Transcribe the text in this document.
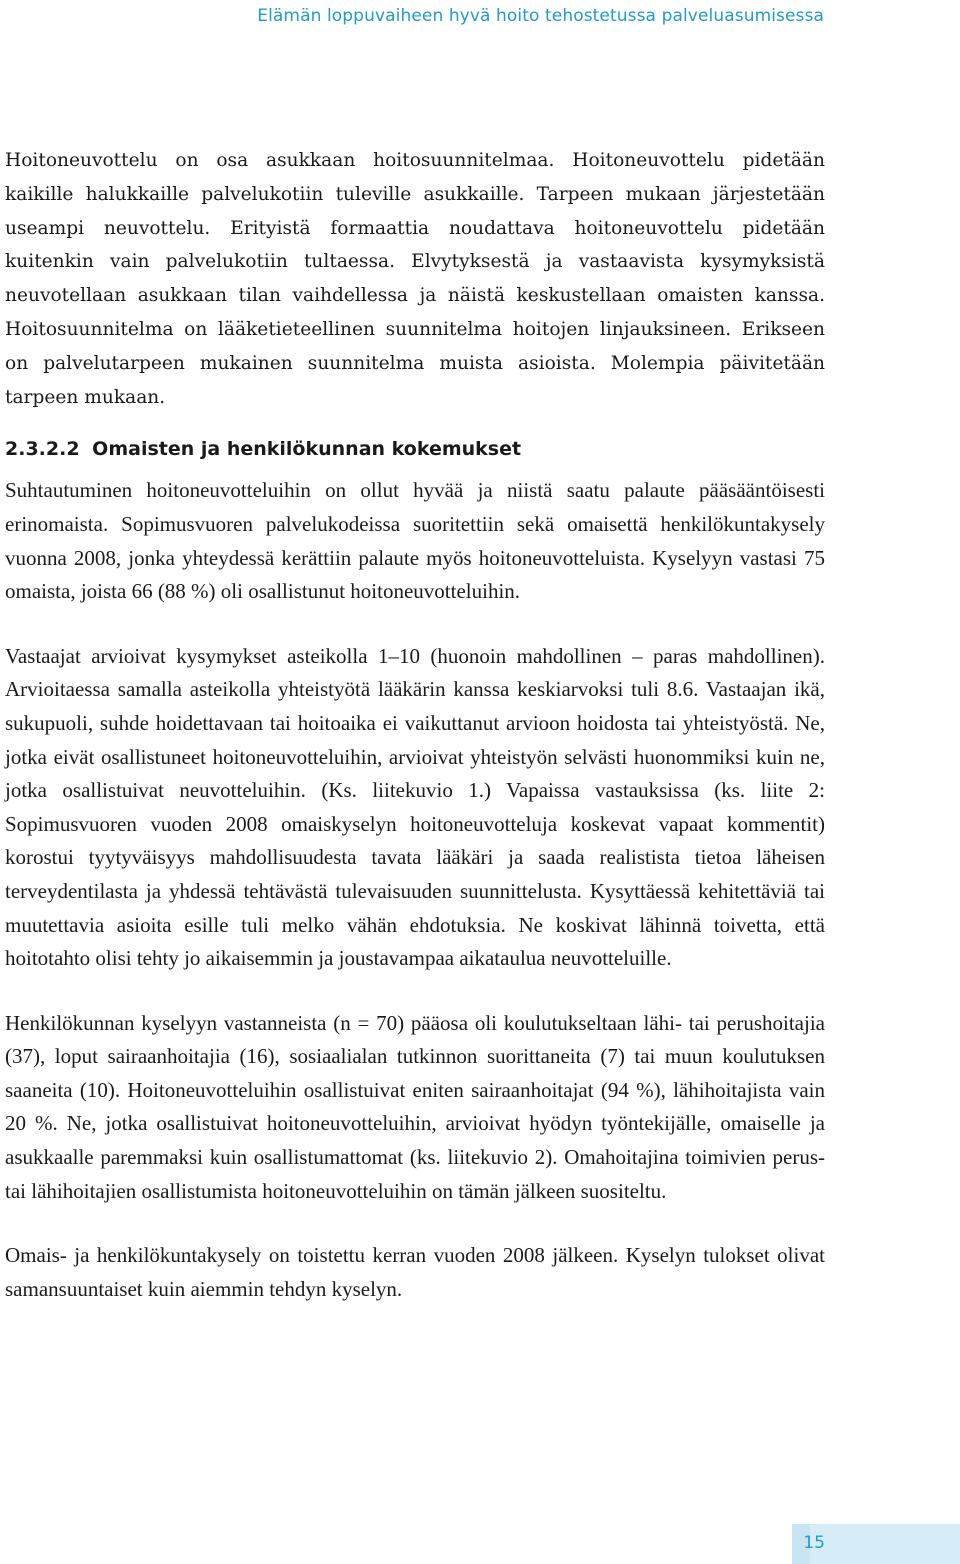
Elämän loppuvaiheen hyvä hoito tehostetussa palveluasumisessa

Hoitoneuvottelu on osa asukkaan hoitosuunnitelmaa. Hoitoneuvottelu pidetään kaikille halukkaille palvelukotiin tuleville asukkaille. Tarpeen mukaan järjestetään useampi neuvottelu. Erityistä formaattia noudattava hoitoneuvottelu pidetään kuitenkin vain palvelukotiin tultaessa. Elvytyksestä ja vastaavista kysymyksistä neuvotellaan asukkaan tilan vaihdellessa ja näistä keskustellaan omaisten kanssa. Hoitosuunnitelma on lääketieteellinen suunnitelma hoitojen linjauksineen. Erikseen on palvelutarpeen mukainen suunnitelma muista asioista. Molempia päivitetään tarpeen mukaan.

2.3.2.2 Omaisten ja henkilökunnan kokemukset

Suhtautuminen hoitoneuvotteluihin on ollut hyvää ja niistä saatu palaute pääsääntöisesti erinomaista. Sopimusvuoren palvelukodeissa suoritettiin sekä omaisettä henkilökuntakysely vuonna 2008, jonka yhteydessä kerättiin palaute myös hoitoneuvotteluista. Kyselyyn vastasi 75 omaista, joista 66 (88 %) oli osallistunut hoitoneuvotteluihin.

Vastaajat arvioivat kysymykset asteikolla 1–10 (huonoin mahdollinen – paras mahdollinen). Arvioitaessa samalla asteikolla yhteistyötä lääkärin kanssa keskiarvoksi tuli 8.6. Vastaajan ikä, sukupuoli, suhde hoidettavaan tai hoitoaika ei vaikuttanut arvioon hoidosta tai yhteistyöstä. Ne, jotka eivät osallistuneet hoitoneuvotteluihin, arvioivat yhteistyön selvästi huonommiksi kuin ne, jotka osallistuivat neuvotteluihin. (Ks. liitekuvio 1.) Vapaissa vastauksissa (ks. liite 2: Sopimusvuoren vuoden 2008 omaiskyselyn hoitoneuvotteluja koskevat vapaat kommentit) korostui tyytyväisyys mahdollisuudesta tavata lääkäri ja saada realistista tietoa läheisen terveydentilasta ja yhdessä tehtävästä tulevaisuuden suunnittelusta. Kysyttäessä kehitettäviä tai muutettavia asioita esille tuli melko vähän ehdotuksia. Ne koskivat lähinnä toivetta, että hoitotahto olisi tehty jo aikaisemmin ja joustavampaa aikataulua neuvotteluille.

Henkilökunnan kyselyyn vastanneista (n = 70) pääosa oli koulutukseltaan lähi- tai perushoitajia (37), loput sairaanhoitajia (16), sosiaalialan tutkinnon suorittaneita (7) tai muun koulutuksen saaneita (10). Hoitoneuvotteluihin osallistuivat eniten sairaanhoitajat (94 %), lähihoitajista vain 20 %. Ne, jotka osallistuivat hoitoneuvotteluihin, arvioivat hyödyn työntekijälle, omaiselle ja asukkaalle paremmaksi kuin osallistumattomat (ks. liitekuvio 2). Omahoitajina toimivien perus- tai lähihoitajien osallistumista hoitoneuvotteluihin on tämän jälkeen suositeltu.

Omais- ja henkilökuntakysely on toistettu kerran vuoden 2008 jälkeen. Kyselyn tulokset olivat samansuuntaiset kuin aiemmin tehdyn kyselyn.

15
